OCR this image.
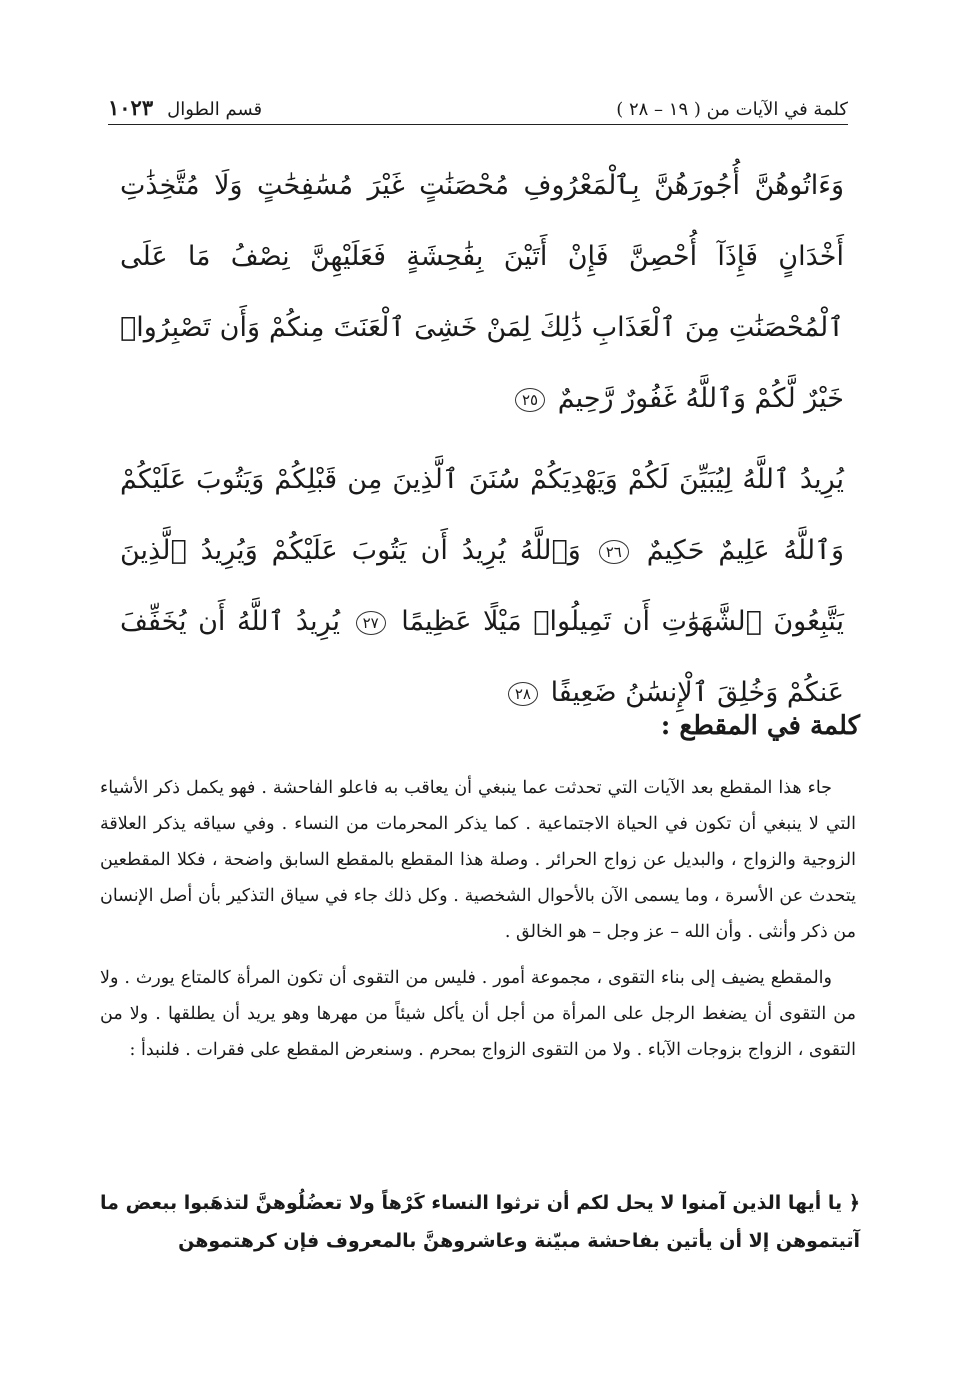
كلمة في الآيات من ( ١٩ – ٢٨ )
قسم الطوال
١٠٢٣

وَءَاتُوهُنَّ أُجُورَهُنَّ بِٱلْمَعْرُوفِ مُحْصَنَٰتٍ غَيْرَ مُسَٰفِحَٰتٍ وَلَا مُتَّخِذَٰتِ أَخْدَانٍ فَإِذَآ أُحْصِنَّ فَإِنْ أَتَيْنَ بِفَٰحِشَةٍ فَعَلَيْهِنَّ نِصْفُ مَا عَلَى ٱلْمُحْصَنَٰتِ مِنَ ٱلْعَذَابِ ذَٰلِكَ لِمَنْ خَشِىَ ٱلْعَنَتَ مِنكُمْ وَأَن تَصْبِرُوا۟ خَيْرٌ لَّكُمْ وَٱللَّهُ غَفُورٌ رَّحِيمٌ ٢٥

يُرِيدُ ٱللَّهُ لِيُبَيِّنَ لَكُمْ وَيَهْدِيَكُمْ سُنَنَ ٱلَّذِينَ مِن قَبْلِكُمْ وَيَتُوبَ عَلَيْكُمْ وَٱللَّهُ عَلِيمٌ حَكِيمٌ ٢٦ وَٱللَّهُ يُرِيدُ أَن يَتُوبَ عَلَيْكُمْ وَيُرِيدُ ٱلَّذِينَ يَتَّبِعُونَ ٱلشَّهَوَٰتِ أَن تَمِيلُوا۟ مَيْلًا عَظِيمًا ٢٧ يُرِيدُ ٱللَّهُ أَن يُخَفِّفَ عَنكُمْ وَخُلِقَ ٱلْإِنسَٰنُ ضَعِيفًا ٢٨

كلمة في المقطع :

جاء هذا المقطع بعد الآيات التي تحدثت عما ينبغي أن يعاقب به فاعلو الفاحشة . فهو يكمل ذكر الأشياء التي لا ينبغي أن تكون في الحياة الاجتماعية . كما يذكر المحرمات من النساء . وفي سياقه يذكر العلاقة الزوجية والزواج ، والبديل عن زواج الحرائر . وصلة هذا المقطع بالمقطع السابق واضحة ، فكلا المقطعين يتحدث عن الأسرة ، وما يسمى الآن بالأحوال الشخصية . وكل ذلك جاء في سياق التذكير بأن أصل الإنسان من ذكر وأنثى . وأن الله – عز وجل – هو الخالق .

والمقطع يضيف إلى بناء التقوى ، مجموعة أمور . فليس من التقوى أن تكون المرأة كالمتاع يورث . ولا من التقوى أن يضغط الرجل على المرأة من أجل أن يأكل شيئاً من مهرها وهو يريد أن يطلقها . ولا من التقوى ، الزواج بزوجات الآباء . ولا من التقوى الزواج بمحرم . وسنعرض المقطع على فقرات . فلنبدأ :

﴿ يا أيها الذين آمنوا لا يحل لكم أن ترثوا النساء كَرْهاً ولا تعضُلُوهنَّ لتذهَبوا ببعض ما آتيتموهن إلا أن يأتين بفاحشة مبيّنة وعاشروهنَّ بالمعروف فإن كرهتموهن
